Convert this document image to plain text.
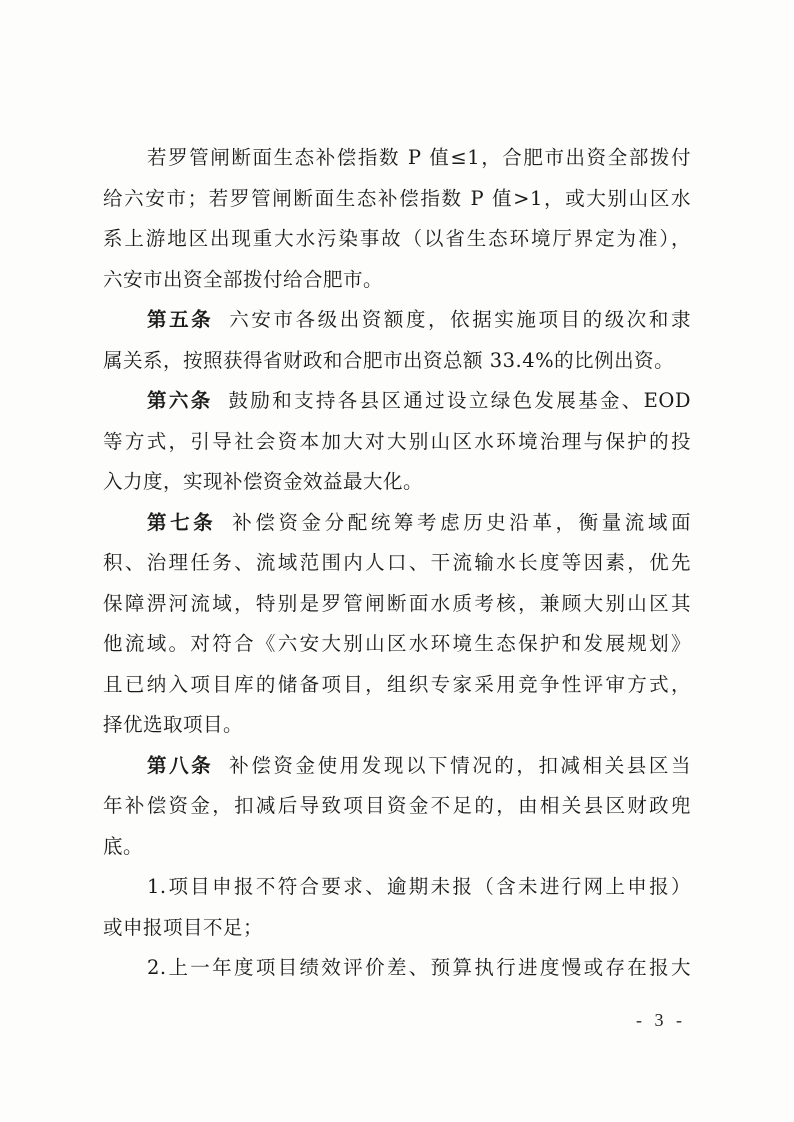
若罗管闸断面生态补偿指数 P 值≤1，合肥市出资全部拨付
给六安市；若罗管闸断面生态补偿指数 P 值>1，或大别山区水
系上游地区出现重大水污染事故（以省生态环境厅界定为准），
六安市出资全部拨付给合肥市。
第五条 六安市各级出资额度，依据实施项目的级次和隶
属关系，按照获得省财政和合肥市出资总额 33.4%的比例出资。
第六条 鼓励和支持各县区通过设立绿色发展基金、EOD
等方式，引导社会资本加大对大别山区水环境治理与保护的投
入力度，实现补偿资金效益最大化。
第七条 补偿资金分配统筹考虑历史沿革，衡量流域面
积、治理任务、流域范围内人口、干流输水长度等因素，优先
保障淠河流域，特别是罗管闸断面水质考核，兼顾大别山区其
他流域。对符合《六安大别山区水环境生态保护和发展规划》
且已纳入项目库的储备项目，组织专家采用竞争性评审方式，
择优选取项目。
第八条 补偿资金使用发现以下情况的，扣减相关县区当
年补偿资金，扣减后导致项目资金不足的，由相关县区财政兜
底。
1.项目申报不符合要求、逾期未报（含未进行网上申报）
或申报项目不足；
2.上一年度项目绩效评价差、预算执行进度慢或存在报大
- 3 -
